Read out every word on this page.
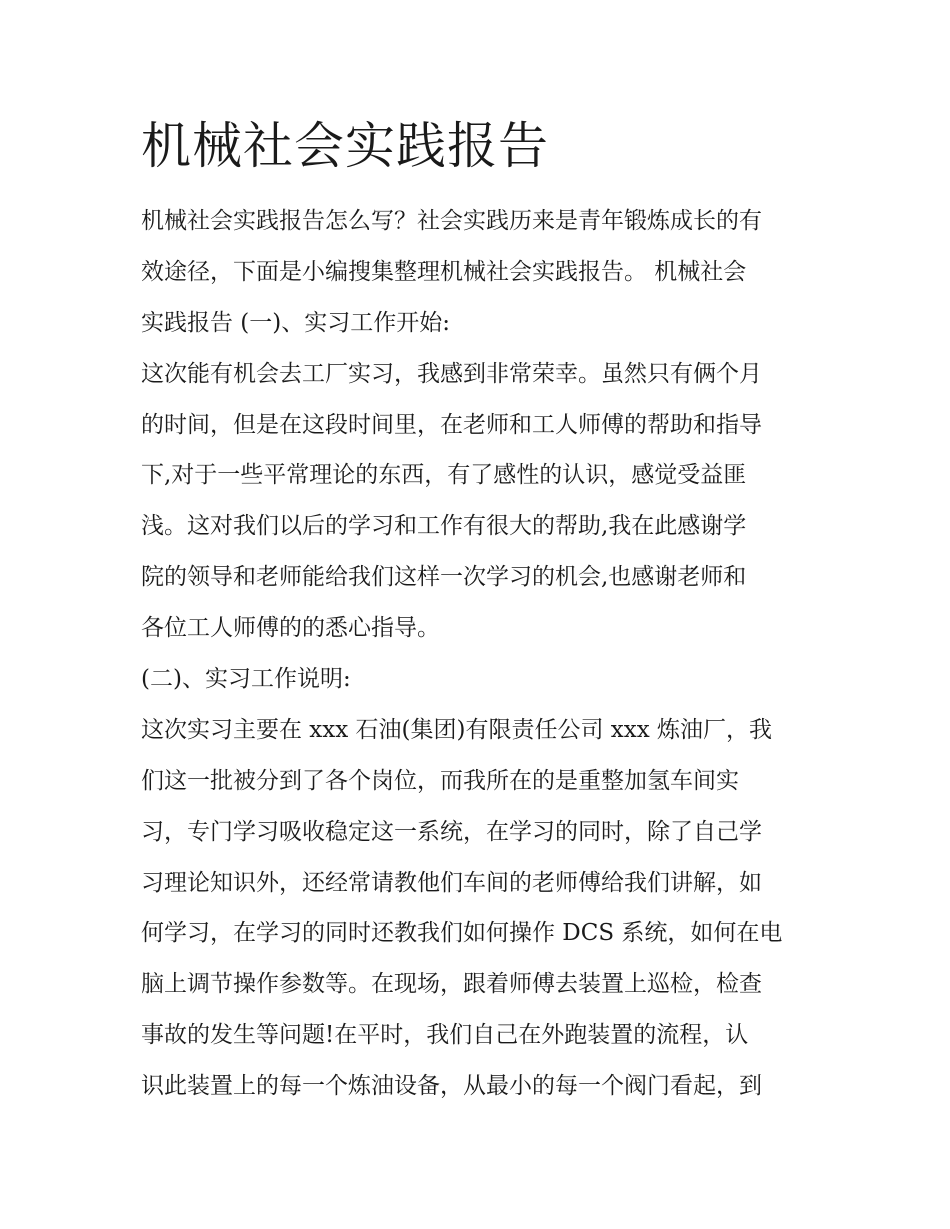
机械社会实践报告

机械社会实践报告怎么写？社会实践历来是青年锻炼成长的有

效途径，下面是小编搜集整理机械社会实践报告。 机械社会

实践报告 (一)、实习工作开始:

这次能有机会去工厂实习，我感到非常荣幸。虽然只有俩个月

的时间，但是在这段时间里，在老师和工人师傅的帮助和指导

下,对于一些平常理论的东西，有了感性的认识，感觉受益匪

浅。这对我们以后的学习和工作有很大的帮助,我在此感谢学

院的领导和老师能给我们这样一次学习的机会,也感谢老师和

各位工人师傅的的悉心指导。

(二)、实习工作说明:

这次实习主要在 xxx 石油(集团)有限责任公司 xxx 炼油厂，我

们这一批被分到了各个岗位，而我所在的是重整加氢车间实

习，专门学习吸收稳定这一系统，在学习的同时，除了自己学

习理论知识外，还经常请教他们车间的老师傅给我们讲解，如

何学习，在学习的同时还教我们如何操作 DCS 系统，如何在电

脑上调节操作参数等。在现场，跟着师傅去装置上巡检，检查

事故的发生等问题!在平时，我们自己在外跑装置的流程，认

识此装置上的每一个炼油设备，从最小的每一个阀门看起，到
